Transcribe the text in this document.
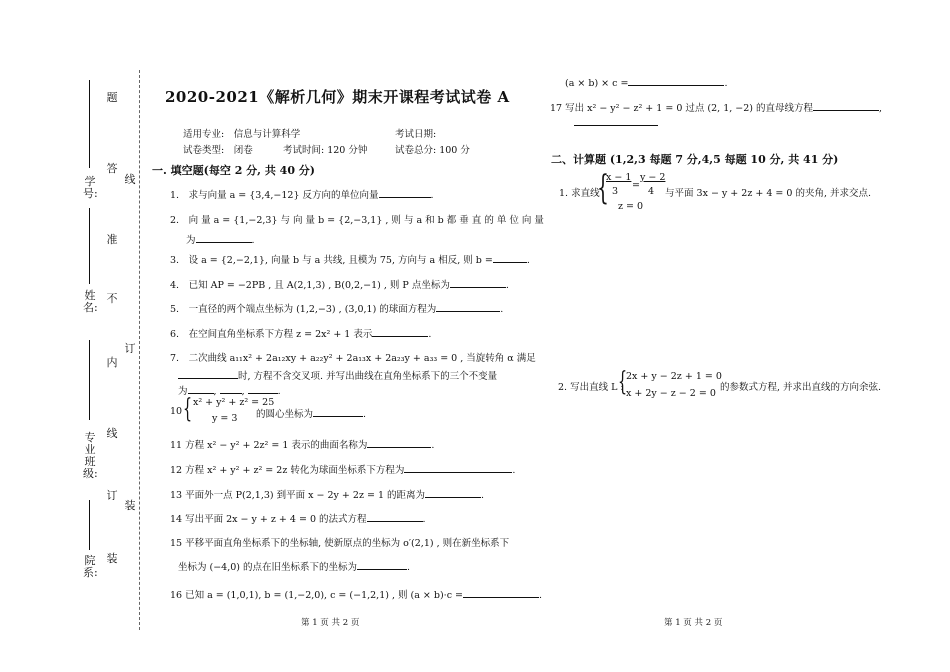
题
答
准
不
内
线
订
装
线
订
装
学号:
姓名:
专业班级:
院系:
2020-2021《解析几何》期末开课程考试试卷 A
适用专业:　信息与计算科学	考试日期:
试卷类型:　闭卷	考试时间: 120 分钟	试卷总分: 100 分
一. 填空题(每空 2 分, 共 40 分)
1.　求与向量 a = {3,4,−12} 反方向的单位向量	.
2.　向 量 a = {1,−2,3} 与 向 量 b = {2,−3,1} , 则 与 a 和 b 都 垂 直 的 单 位 向 量
为	.
3.　设 a = {2,−2,1}, 向量 b 与 a 共线, 且模为 75, 方向与 a 相反, 则 b =	.
4.　已知 AP = −2PB , 且 A(2,1,3) , B(0,2,−1) , 则 P 点坐标为	.
5.　一直径的两个端点坐标为 (1,2,−3) , (3,0,1) 的球面方程为	.
6.　在空间直角坐标系下方程 z = 2x² + 1 表示	.
7.　二次曲线 a₁₁x² + 2a₁₂xy + a₂₂y² + 2a₁₃x + 2a₂₃y + a₃₃ = 0 , 当旋转角 α 满足
时, 方程不含交叉项. 并写出曲线在直角坐标系下的三个不变量
为	, ,	.
10 { x² + y² + z² = 25
y = 3 的圆心坐标为	.
11 方程 x² − y² + 2z² = 1 表示的曲面名称为	.
12 方程 x² + y² + z² = 2z 转化为球面坐标系下方程为	.
13 平面外一点 P(2,1,3) 到平面 x − 2y + 2z = 1 的距离为	.
14 写出平面 2x − y + z + 4 = 0 的法式方程	.
15 平移平面直角坐标系下的坐标轴, 使新原点的坐标为 o′(2,1) , 则在新坐标系下
坐标为 (−4,0) 的点在旧坐标系下的坐标为	.
16 已知 a = (1,0,1), b = (1,−2,0), c = (−1,2,1) , 则 (a × b)·c =	.
第 1 页 共 2 页
(a × b) × c =	.
17 写出 x² − y² − z² + 1 = 0 过点 (2, 1, −2) 的直母线方程	,
二、计算题 (1,2,3 每题 7 分,4,5 每题 10 分, 共 41 分)
1. 求直线
{
x − 1
3
=
y − 2
4
z = 0
与平面 3x − y + 2z + 4 = 0 的夹角, 并求交点.
2. 写出直线 L :
{
2x + y − 2z + 1 = 0
x + 2y − z − 2 = 0
的参数式方程, 并求出直线的方向余弦.
第 1 页 共 2 页
